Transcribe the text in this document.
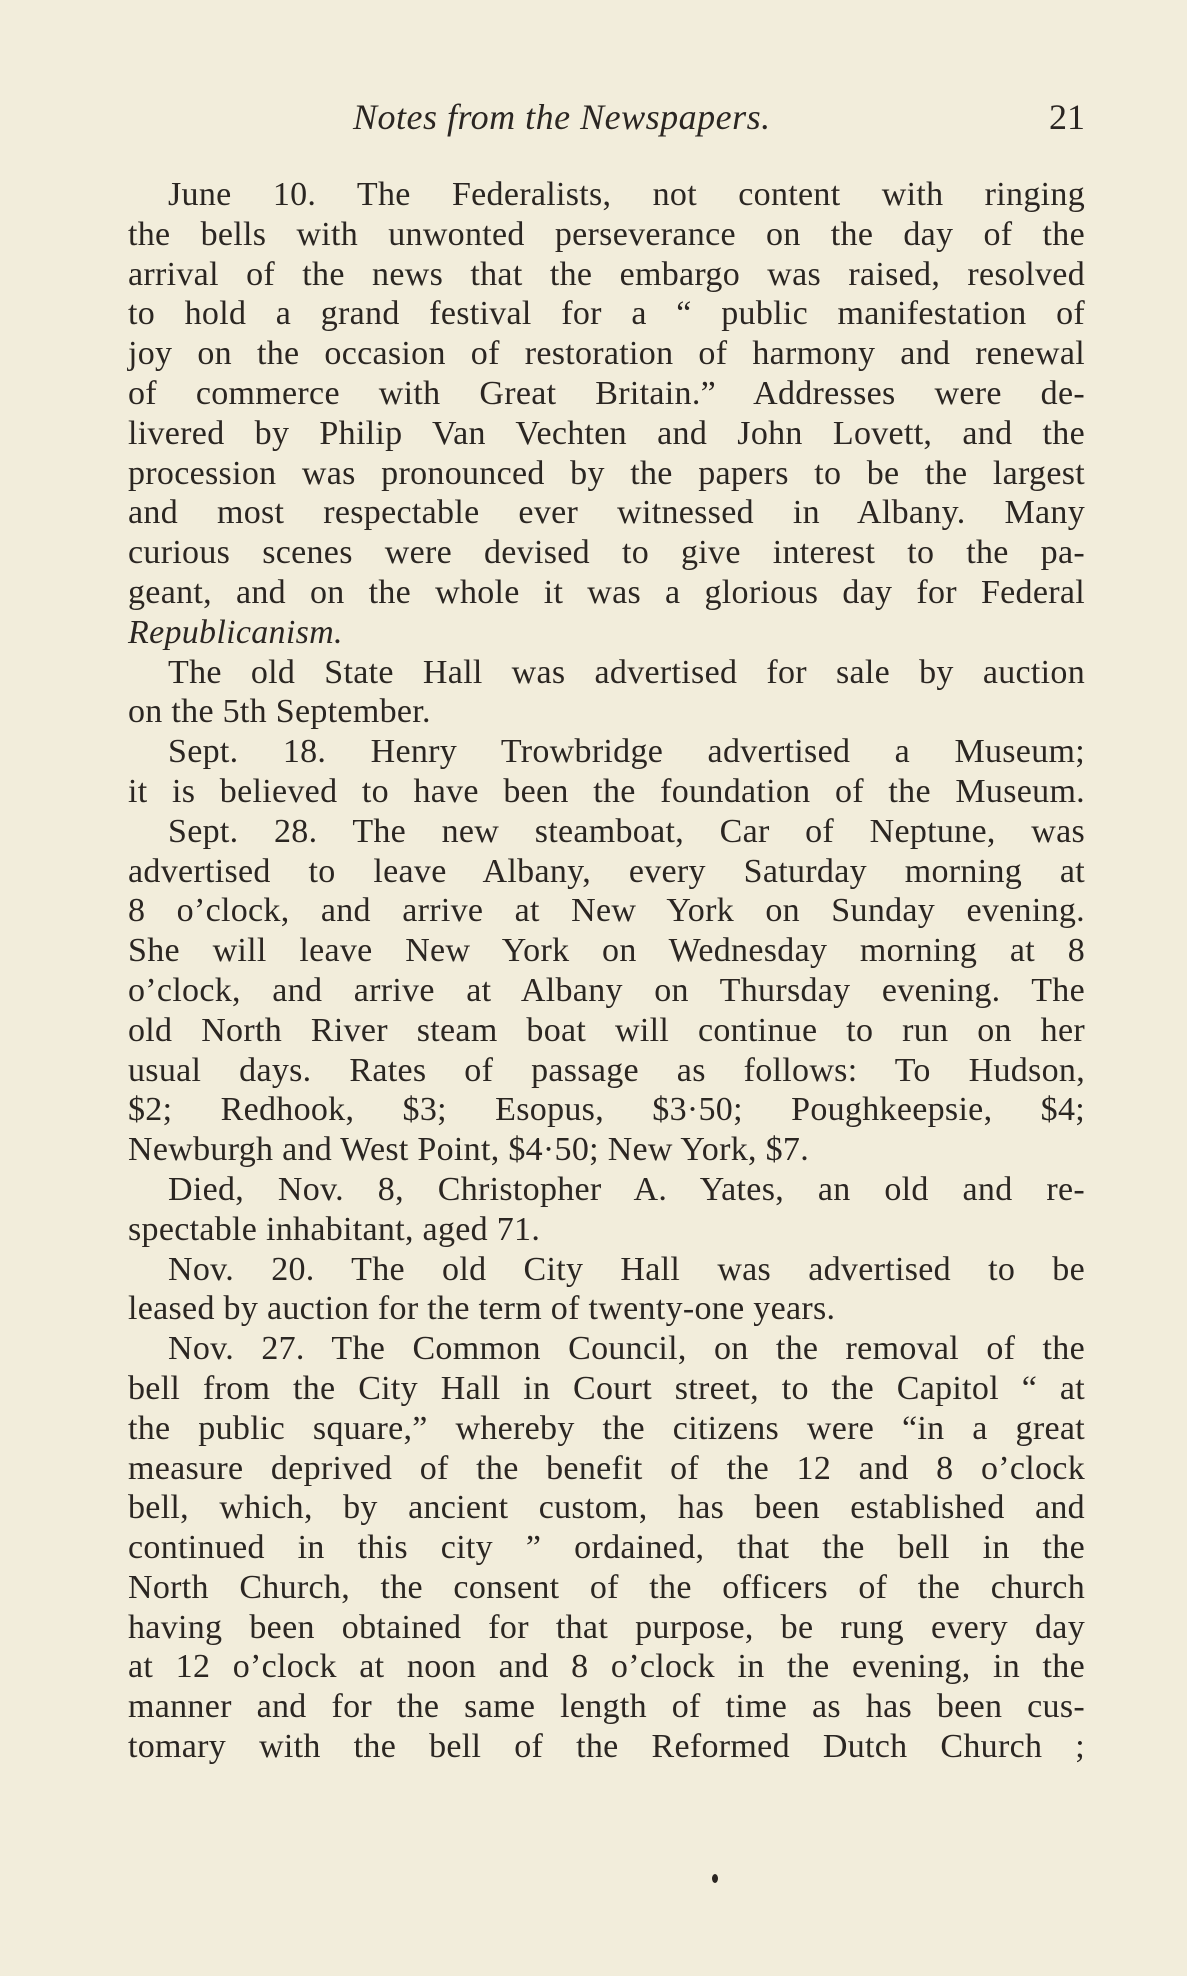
Notes from the Newspapers.	21
June 10. The Federalists, not content with ringing
the bells with unwonted perseverance on the day of the
arrival of the news that the embargo was raised, resolved
to hold a grand festival for a “ public manifestation of
joy on the occasion of restoration of harmony and renewal
of commerce with Great Britain.” Addresses were de-
livered by Philip Van Vechten and John Lovett, and the
procession was pronounced by the papers to be the largest
and most respectable ever witnessed in Albany. Many
curious scenes were devised to give interest to the pa-
geant, and on the whole it was a glorious day for Federal
Republicanism.
The old State Hall was advertised for sale by auction
on the 5th September.
Sept. 18. Henry Trowbridge advertised a Museum;
it is believed to have been the foundation of the Museum.
Sept. 28. The new steamboat, Car of Neptune, was
advertised to leave Albany, every Saturday morning at
8 o’clock, and arrive at New York on Sunday evening.
She will leave New York on Wednesday morning at 8
o’clock, and arrive at Albany on Thursday evening. The
old North River steam boat will continue to run on her
usual days. Rates of passage as follows: To Hudson,
$2; Redhook, $3; Esopus, $3·50; Poughkeepsie, $4;
Newburgh and West Point, $4·50; New York, $7.
Died, Nov. 8, Christopher A. Yates, an old and re-
spectable inhabitant, aged 71.
Nov. 20. The old City Hall was advertised to be
leased by auction for the term of twenty-one years.
Nov. 27. The Common Council, on the removal of the
bell from the City Hall in Court street, to the Capitol “ at
the public square,” whereby the citizens were “in a great
measure deprived of the benefit of the 12 and 8 o’clock
bell, which, by ancient custom, has been established and
continued in this city ” ordained, that the bell in the
North Church, the consent of the officers of the church
having been obtained for that purpose, be rung every day
at 12 o’clock at noon and 8 o’clock in the evening, in the
manner and for the same length of time as has been cus-
tomary with the bell of the Reformed Dutch Church ;
